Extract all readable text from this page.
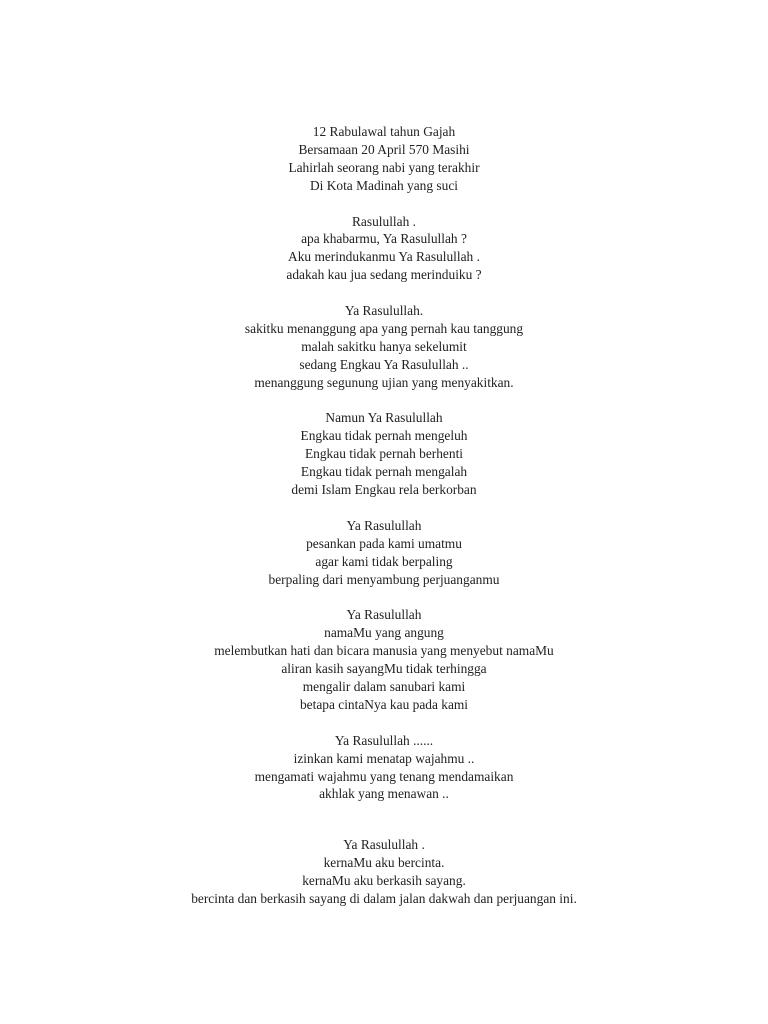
12 Rabulawal tahun Gajah
Bersamaan 20 April 570 Masihi
Lahirlah seorang nabi yang terakhir
Di Kota Madinah yang suci
Rasulullah .
apa khabarmu, Ya Rasulullah ?
Aku merindukanmu Ya Rasulullah .
adakah kau jua sedang merinduiku ?
Ya Rasulullah.
sakitku menanggung apa yang pernah kau tanggung
malah sakitku hanya sekelumit
sedang Engkau Ya Rasulullah ..
menanggung segunung ujian yang menyakitkan.
Namun Ya Rasulullah
Engkau tidak pernah mengeluh
Engkau tidak pernah berhenti
Engkau tidak pernah mengalah
demi Islam Engkau rela berkorban
Ya Rasulullah
pesankan pada kami umatmu
agar kami tidak berpaling
berpaling dari menyambung perjuanganmu
Ya Rasulullah
namaMu yang angung
melembutkan hati dan bicara manusia yang menyebut namaMu
aliran kasih sayangMu tidak terhingga
mengalir dalam sanubari kami
betapa cintaNya kau pada kami
Ya Rasulullah ......
izinkan kami menatap wajahmu ..
mengamati wajahmu yang tenang mendamaikan
akhlak yang menawan ..
Ya Rasulullah .
kernaMu aku bercinta.
kernaMu aku berkasih sayang.
bercinta dan berkasih sayang di dalam jalan dakwah dan perjuangan ini.
